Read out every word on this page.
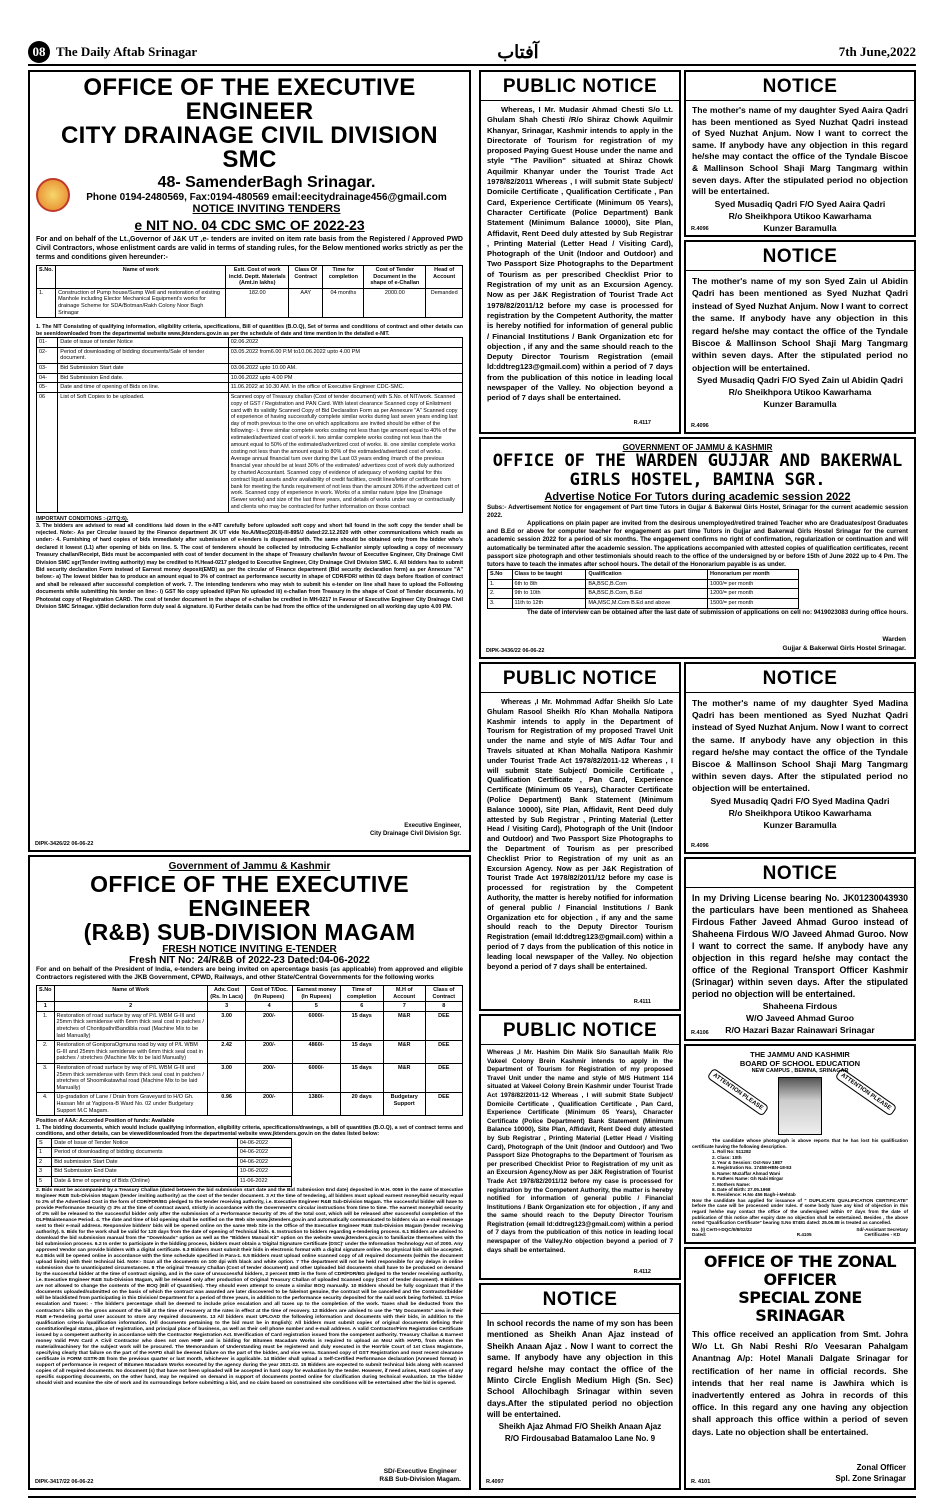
08 The Daily Aftab Srinagar	آفتاب	7th June,2022
OFFICE OF THE EXECUTIVE ENGINEER
CITY DRAINAGE CIVIL DIVISION SMC
48- SamenderBagh Srinagar.
Phone 0194-2480569, Fax:0194-480569 email:eecitydrainage456@gmail.com
NOTICE INVITING TENDERS
e NIT NO. 04 CDC SMC OF 2022-23
For and on behalf of the Lt.,Governor of J&K UT ,e- tenders are invited on item rate basis from the Registered / Approved PWD Civil Contractors, whose enlistment cards are valid in terms of standing rules, for the Below mentioned works strictly as per the terms and conditions given hereunder:-
S.No.	Name of work	Estt. Cost of work incld. Deptt. Materials (Amt.in lakhs)	Class Of Contract	Time for completion	Cost of Tender Document in the shape of e-Challan	Head of Account
1.	Construction of Pump house/Sump Well and restoration of existing Manhole including Elector Mechanical Equipment's works for drainage Scheme for SDA/Botman/Rakh Colony Noor Bagh Srinagar	182.00	AAY	04 months	2000.00	Demanded
1. The NIT Consisting of qualifying information, eligibility criteria, specifications, Bill of quantities (B.O.Q), Set of terms and conditions of contract and other details can be seen/downloaded from the departmental website www.jktenders.gov.in as per the schedule of date and time mention in the detailed e-NIT.
01-	Date of issue of tender Notice	02.06.2022
02-	Period of downloading of bidding documents/Sale of tender document.	03.05.2022 from6.00 P.M to10.06.2022 upto 4.00 PM
03-	Bid Submission Start date	03.06.2022 upto 10.00 AM.
04-	Bid Submission End date.	10.06.2022 upto 4.00 PM
05-	Date and time of opening of Bids on line.	11.06.2022 at 10.30 AM. In the office of Executive Engineer CDC-SMC.
06	List of Soft Copies to be uploaded.	Scanned copy of Treasury challan (Cost of tender document) with S.No. of NIT/work. Scanned copy of GST / Registration and PAN Card. With latest clearance Scanned copy of Enlistment card with its validity Scanned Copy of Bid Declaration Form as per Annexure "A" Scanned copy of experience of having successfully complete similar works during last seven years ending last day of moth previous to the one on which applications are invited should be either of the following:- i. three similar complete works costing not less than tge amount equal to 40% of the estimated/advertized cost of work ii. two similar complete works costing not less than the amount equal to 50% of the estimated/advertized cost of works. iii. one similar complete works costing not less than the amount equal to 80% of the estimated/advertized cost of works. Average annual financial turn over during the Last 03 years ending /march of the previous financial year should be at least 30% of the estimated/ advertizes cost of work duly authorized by charted Accountant. Scanned copy of evidence of adequacy of working capital for this contract liquid assets and/or availability of credit facilities, credit lines/letter of certificate from bank for meeting the funds requirement of not less than the amount 30% if the advertized cstt of work. Scanned copy of experience in work. Works of a similar nature /pipe line (Drainage /Sewer works) and size of the last three years, and details of works under way or contractually and clients who may be contracted for further information on those contract
IMPORTANT CONDITIONS :-(2/TQ:6).
3. The bidders are advised to read all conditions laid down in the e-NIT carefully before uploaded soft copy and short fall found in the soft copy the tender shall be rejected. Note:- As per Circular issued by the Finance department JK UT vide No.A/Misc(2018)-III-895/J dated:22.12.2020 with other communications which reads as under:- 4. Furnishing of hard copies of bids immediately after submission of e-tenders is dispensed with. The same should be obtained only from the bidder who's declared it lowest (L1) after opening of bids on line. 5. The cost of tenderers should be collected by introducing E-challan/or simply uploading a copy of necessary Treasury challan/Receipt, Bids must be accompanied with cost of tender document in the shape of Treasury challan/in favour of Executive Engineer, City Drainage Civil Division SMC sgr(Tender inviting authority) may be credited to H.Head-0217 pledged to Executive Engineer, City Drainage Civil Division SMC. 6. All bidders has to submit Bid security declaration Form instead of Earnest money deposit(EMD) as per the circular of Finance department (Bid security declaration form) as per Annexure "A" below:- a) The lowest bidder has to produce an amount equal to 3% of contract as performance security in shape of CDR/FDR/ within 02 days before fixation of contract and shall be released after successful completion of work. 7. The intending tenderers who may wish to submit his e-tender on line shall have to upload the Following documents while submitting his tender on line:- i) GST No copy uploaded ii)Pan No uploaded iii) e-challan from Treasury in the shape of Cost of Tender documents. iv) Photostat copy of Registration CARD. The cost of tender document in the shape of e-challan be credited in MH-0217 in Favour of Executive Engineer City Drainage Civil Division SMC Srinagar. v)Bid declaration form duly seal & signature. ii) Further details can be had from the office of the undersigned on all working day upto 4.00 PM.
Executive Engineer,
City Drainage Civil Division Sgr.
DIPK-3426/22 06-06-22
Government of Jammu & Kashmir
OFFICE OF THE EXECUTIVE ENGINEER
(R&B) SUB-DIVISION MAGAM
FRESH NOTICE INVITING E-TENDER
Fresh NIT No: 24/R&B of 2022-23 Dated:04-06-2022
For and on behalf of the President of India, e-tenders are being invited on apercentage basis (as applicable) from approved and eligible Contractors registered with the JKB Government, CPWD, Railways, and other State/Central Governments for the following works
S.No	Name of Work	Adv. Cost (Rs. In Lacs)	Cost of T/Doc. (In Rupees)	Earnest money (In Rupees)	Time of completion	M.H of Account	Class of Contract
1	2	3	4	5	6	7	8
1.	Restoration of road surface by way of P/L WBM G-III and 25mm thick semidense with 6mm thick seal coat in patches / stretches of ChontipathriBandibla road (Machine Mix to be laid Manually)	3.00	200/-	6000/-	15 days	M&R	DEE
2.	Restoration of GoniporaOgmuna road by way of P/L WBM G-III and 25mm thick semidense with 6mm thick seal coat in patches / stretches (Machine Mix to be laid Manually)	2.42	200/-	4860/-	15 days	M&R	DEE
3.	Restoration of road surface by way of P/L WBM G-III and 25mm thick semidense with 6mm thick seal coat in patches / stretches of Shoomikatawhal road (Machine Mix to be laid Manually)	3.00	200/-	6000/-	15 days	M&R	DEE
4.	Up-gradation of Lane / Drain from Graveyard to H/O Gh. Hassan Mir at Yagipora-B Ward No. 02 under Budgetary Support M.C Magam.	0.96	200/-	1380/-	20 days	Budgetary Support	DEE
Position of AAA: Accorded Position of funds: Available
1. The bidding documents, which would include qualifying information, eligibility criteria, specifications/drawings, a bill of quantities (B.O.Q), a set of contract terms and conditions, and other details, can be viewed/downloaded from the departmental website www.jktenders.gov.in on the dates listed below:
S	Date of Issue of Tender Notice	04-06-2022
1	Period of downloading of bidding documents	04-06-2022
2	Bid submission Start Date	04-06-2022
3	Bid Submission End Date	10-06-2022
5	Date & time of opening of Bids (Online)	11-06-2022
2. Bids must be accompanied by a Treasury Challan (dated between the bid submission start date and the Bid Submission End date) deposited in M.H. 0059 in the name of Executive Engineer R&B Sub-Division Magam (tender inviting authority) as the cost of the tender document. 3 At the time of tendering, all bidders must upload earnest money/bid security equal to 2% of the Advertised Cost in the form of CDR/FDR/BG pledged to the tender receiving authority, i.e. Executive Engineer R&B Sub-Division Magam. The successful bidder will have to provide Performance Security @ 3% at the time of contract award, strictly in accordance with the Government's circular instructions from time to time. The earnest money/bid security of 2% will be released to the successful bidder only after the submission of a Performance Security of 3% of the total cost, which will be released after successful completion of the DLP/Maintenance Period. 4. The date and time of bid opening shall be notified on the Web site www.jktenders.gov.in and automatically communicated to bidders via an e-mail message sent to their e-mail address. Responsive bidders' bids will be opened online on the same Web Site in the Office of the Executive Engineer R&B Sub-Division Magam (tender receiving authority). 5. Bids for the work shall be valid for 120 days from the date of opening of Technical bids. 6. Instruction to bidders regarding e-tendering process. 6.1 Bidders are advised to download the bid submission manual from the "Downloads" option as well as the "Bidders Manual Kit" option on the website www.jktenders.gov.in to familiarize themselves with the bid submission process. 6.2 In order to participate in the bidding process, bidders must obtain a 'Digital Signature Certificate (DSC)' under the Information Technology Act of 2000. Any approved Vendor can provide bidders with a digital certificate. 6.3 Bidders must submit their bids in electronic format with a digital signature online. No physical bids will be accepted. 6.4 Bids will be opened online in accordance with the time schedule specified in Para-1. 6.5 Bidders must upload online scanned copy of all required documents (within the document upload limits) with their technical bid. Note:- Scan all the documents on 100 dpi with black and white option. 7 The department will not be held responsible for any delays in online submission due to unanticipated circumstances. 8 The original Treasury Challan (Cost of tender document) and other Uploaded bid documents shall have to be produced on demand by the successful bidder at the time of contract signing, and in the case of unsuccessful bidders, 2 percent EMD in the form of CDR/FDR/BG pledged to the tender receiving authority, i.e. Executive Engineer R&B Sub-Division Magam, will be released only after production of Original Treasury Challan of uploaded Scanned copy (Cost of tender document). 9 Bidders are not allowed to change the contents of the BOQ (Bill of Quantities). They should even attempt to create a similar BOQ manually. 10 Bidders should be fully cognizant that if the documents uploaded/submitted on the basis of which the contract was awarded are later discovered to be fake/not genuine, the contract will be cancelled and the Contractor/bidder will be blacklisted from participating in this Division/ Department for a period of three years, in addition to the performance security deposited for the said work being forfeited. 11 Price escalation and Taxes: - The bidder's percentage shall be deemed to include price escalation and all taxes up to the completion of the work. Taxes shall be deducted from the contractor's bills on the gross amount of the bill at the time of recovery at the rates in effect at the time of recovery. 12 Bidders are advised to use the "My Documents" area in their R&B e-Tendering portal user account to store any required documents. 13 All bidders must UPLOAD the following information and documents with their bids, in addition to the qualification criteria /qualification information. (All documents pertaining to the bid must be in English): All bidders must submit copies of original documents defining their constitution/legal status, place of registration, and principal place of business, as well as their cell phone number and e-mail address. A valid Contractor/Firm Registration Certificate issued by a competent authority in accordance with the Contractor Registration Act. Everification of Card registration issued from the competent authority. Treasury Challan & Earnest money Valid PAN Card A Civil Contractor who does not own HMP and is bidding for Bitumen Macadam Works is required to upload an MoU with HAPD, from whom the material/machinery for the subject work will be procured. The Memorandum of Understanding must be registered and duly executed in the Hon'ble Court of 1st Class Magistrate, specifying clearly that failure on the part of the HAPD shall be deemed failure on the part of the bidder, and vice versa. Scanned copy of GST Registration and most recent clearance certificate in FORM GSTR-3B from the previous quarter or last month, whichever is applicable. 14 Bidder shall upload a Self-Certified Performance declaration (Annexed format) in support of performance in respect of Bitumen Macadam Works executed by the agency during the year 2021-22. 15 Bidders are expected to submit technical bids along with scanned copies of all required documents. No document (s) that have not been uploaded will be accepted in hard copy for evaluation by the tender. However, if need arises, Hard copies of any specific supporting documents, on the other hand, may be required on demand in support of documents posted online for clarification during technical evaluation. 16 The bidder should visit and examine the site of work and its surroundings before submitting a bid, and no claim based on constrained site conditions will be entertained after the bid is opened.
SD/-Executive Engineer
R&B Sub-Division Magam.
DIPK-3417/22 06-06-22
PUBLIC NOTICE
Whereas, I Mr. Mudasir Ahmad Chesti S/o Lt. Ghulam Shah Chesti /R/o Shiraz Chowk Aquilmir Khanyar, Srinagar, Kashmir intends to apply in the Directorate of Tourism for registration of my proposed Paying Guest House under the name and style "The Pavilion" situated at Shiraz Chowk Aquilmir Khanyar under the Tourist Trade Act 1978/82/2011 Whereas , I will submit State Subject/ Domicile Certificate , Qualification Certificate , Pan Card, Experience Certificate (Minimum 05 Years), Character Certificate (Police Department) Bank Statement (Minimum Balance 10000), Site Plan, Affidavit, Rent Deed duly attested by Sub Registrar , Printing Material (Letter Head / Visiting Card), Photograph of the Unit (Indoor and Outdoor) and Two Passport Size Photographs to the Department of Tourism as per prescribed Checklist Prior to Registration of my unit as an Excursion Agency. Now as per J&K Registration of Tourist Trade Act 1978/82/2011/12 before my case is processed for registration by the Competent Authority, the matter is hereby notified for information of general public / Financial Institutions / Bank Organization etc for objection , if any and the same should reach to the Deputy Director Tourism Registration (email ld:ddtreg123@gmail.com) within a period of 7 days from the publication of this notice in leading local newspaper of the Valley. No objection beyond a period of 7 days shall be entertained.
R.4117
NOTICE
The mother's name of my daughter Syed Aaira Qadri has been mentioned as Syed Nuzhat Qadri instead of Syed Nuzhat Anjum. Now I want to correct the same. If anybody have any objection in this regard he/she may contact the office of the Tyndale Biscoe & Mallinson School Shaji Marg Tangmarg within seven days. After the stipulated period no objection will be entertained.
Syed Musadiq Qadri F/O Syed Aaira Qadri
R/o Sheikhpora Utikoo Kawarhama
Kunzer Baramulla
R.4096
NOTICE
The mother's name of my son Syed Zain ul Abidin Qadri has been mentioned as Syed Nuzhat Qadri instead of Syed Nuzhat Anjum. Now I want to correct the same. If anybody have any objection in this regard he/she may contact the office of the Tyndale Biscoe & Mallinson School Shaji Marg Tangmarg within seven days. After the stipulated period no objection will be entertained.
Syed Musadiq Qadri F/O Syed Zain ul Abidin Qadri
R/o Sheikhpora Utikoo Kawarhama
Kunzer Baramulla
R.4096
GOVERNMENT OF JAMMU & KASHMIR
OFFICE OF THE WARDEN GUJJAR AND BAKERWAL
GIRLS HOSTEL, BAMINA SGR.
Advertise Notice For Tutors during academic session 2022
Subs:- Advertisement Notice for engagement of Part time Tutors in Gujjar & Bakerwal Girls Hostel, Srinagar for the current academic session 2022.
Applications on plain paper are invited from the desirous unemployed/retired trained Teacher who are Graduates/post Graduates and B.Ed or above for computer teacher for engagement as part time Tutors in Gujjar and Bakerwal Girls Hostel Srinagar for the current academic session 2022 for a period of six months. The engagement confirms no right of confirmation, regularization or continuation and will automatically be terminated after the academic session. The applications accompanied with attested copies of qualification certificates, recent passport size photograph and other testimonials should reach to the office of the undersigned by or before 15th of June 2022 up to 4 Pm. The tutors have to teach the inmates after school hours. The detail of the Honorarium payable is as under.
S.No	Class to be taught	Qualification	Honorarium per month
1.	6th to 8th	BA,BSC,B.Com	1000/= per month
2.	9th to 10th	BA,BSC,B.Com, B.Ed	1200/= per month
3.	11th to 12th	MA,MSC,M.Com B.Ed and above	1500/= per month
The date of interview can be obtained after the last date of submission of applications on cell no: 9419023083 during office hours.
Warden
Gujjar & Bakerwal Girls Hostel Srinagar.
DIPK-3436/22 06-06-22
PUBLIC NOTICE
Whereas ,I Mr. Mohmmad Adfar Sheikh S/o Late Ghulam Rasool Sheikh R/o Khan Mohalla Natipora Kashmir intends to apply in the Department of Tourism for Registration of my proposed Travel Unit under the name and style of M/S Adfar Tour and Travels situated at Khan Mohalla Natipora Kashmir under Tourist Trade Act 1978/82/2011-12 Whereas , I will submit State Subject/ Domicile Certificate , Qualification Certificate , Pan Card, Experience Certificate (Minimum 05 Years), Character Certificate (Police Department) Bank Statement (Minimum Balance 10000), Site Plan, Affidavit, Rent Deed duly attested by Sub Registrar , Printing Material (Letter Head / Visiting Card), Photograph of the Unit (Indoor and Outdoor) and Two Passport Size Photographs to the Department of Tourism as per prescribed Checklist Prior to Registration of my unit as an Excursion Agency. Now as per J&K Registration of Tourist Trade Act 1978/82/2011/12 before my case is processed for registration by the Competent Authority, the matter is hereby notified for information of general public / Financial Institutions / Bank Organization etc for objection , if any and the same should reach to the Deputy Director Tourism Registration (email Id:ddtreg123@gmail.com) within a period of 7 days from the publication of this notice in leading local newspaper of the Valley. No objection beyond a period of 7 days shall be entertained.
R.4111
NOTICE
The mother's name of my daughter Syed Madina Qadri has been mentioned as Syed Nuzhat Qadri instead of Syed Nuzhat Anjum. Now I want to correct the same. If anybody have any objection in this regard he/she may contact the office of the Tyndale Biscoe & Mallinson School Shaji Marg Tangmarg within seven days. After the stipulated period no objection will be entertained.
Syed Musadiq Qadri F/O Syed Madina Qadri
R/o Sheikhpora Utikoo Kawarhama
Kunzer Baramulla
R.4096
NOTICE
In my Driving License bearing No. JK01230043930 the particulars have been mentioned as Shaheea Firdous Father Javeed Ahmad Guroo instead of Shaheena Firdous W/O Javeed Ahmad Guroo. Now I want to correct the same. If anybody have any objection in this regard he/she may contact the office of the Regional Transport Officer Kashmir (Srinagar) within seven days. After the stipulated period no objection will be entertained.
Shaheena Firdous
W/O Javeed Ahmad Guroo
R/O Hazari Bazar Rainawari Srinagar
R.4106
PUBLIC NOTICE
Whereas ,I Mr. Hashim Din Malik S/o Sanaullah Malik R/o Vakeel Colony Brein Kashmir intends to apply in the Department of Tourism for Registration of my proposed Travel Unit under the name and style of M/S Hutment 114 situated at Vakeel Colony Brein Kashmir under Tourist Trade Act 1978/82/2011-12 Whereas , I will submit State Subject/ Domicile Certificate , Qualification Certificate , Pan Card, Experience Certificate (Minimum 05 Years), Character Certificate (Police Department) Bank Statement (Minimum Balance 10000), Site Plan, Affidavit, Rent Deed duly attested by Sub Registrar , Printing Material (Letter Head / Visiting Card), Photograph of the Unit (Indoor and Outdoor) and Two Passport Size Photographs to the Department of Tourism as per prescribed Checklist Prior to Registration of my unit as an Excursion Agency.Now as per J&K Registration of Tourist Trade Act 1978/82/2011/12 before my case is processed for registration by the Competent Authority, the matter is hereby notified for information of general public / Financial Institutions / Bank Organization etc for objection , if any and the same should reach to the Deputy Director Tourism Registration (email ld:ddtreg123@gmail.com) within a period of 7 days from the publication of this notice in leading local newspaper of the Valley.No objection beyond a period of 7 days shall be entertained.
R.4112
THE JAMMU AND KASHMIR
BOARD OF SCHOOL EDUCATION
NEW CAMPUS , BEMINA, SRINAGAR
ATTENTION PLEASE	ATTENTION PLEASE
The candidate whose photograph is above reports that he has lost his qualification certificate having the following description.
1. Roll No: 511282
2. Class: 10th
3. Year & Session: Oct-Nov 1987
4. Registration No. 17458-HBN-18-83
5. Name: Muzaffar Ahmad Wani
6. Fathers Name: Gh Nabi Mirgar
7. Mothers Name:
8. Date of Birth: 27.05.1968
9. Residence: H.No 456 Bagh-i-Mehtab
Now the candidate has applied for issuance of " DUPLICATE QUALIFICATION CERTIFICATE" before the case will be processed under rules. If some body have any kind of objection in this regard he/she may contact the office of the undersigned within 07 days from the date of publication of this notice after expiry date no objection shall be entertained. Besides , the above noted "Qualification Certificate" bearing S.No 87481 dated: 25.06.88 is treated as cancelled.
No. (I) Certt-I-DQC/II/8/02/22
Dated:	R.4105
Sd/-Assistant Secretary
Certificates - KD
OFFICE OF THE ZONAL OFFICER
SPECIAL ZONE SRINAGAR
This office received an application from Smt. Johra W/o Lt. Gh Nabi Reshi R/o Veesaran Pahalgam Anantnag A/p: Hotel Manali Dalgate Srinagar for rectification of her name in official records. She intends that her real name is Jawhira which is inadvertently entered as Johra in records of this office. In this regard any one having any objection shall approach this office within a period of seven days. Late no objection shall be entertained.
Zonal Officer
Spl. Zone Srinagar
R. 4101
NOTICE
In school records the name of my son has been mentioned as Sheikh Anan Ajaz instead of Sheikh Anaan Ajaz . Now I want to correct the same. If anybody have any objection in this regard he/she may contact the office of the Minto Circle English Medium High (Sn. Sec) School Allochibagh Srinagar within seven days.After the stipulated period no objection will be entertained.
Sheikh Ajaz Ahmad F/O Sheikh Anaan Ajaz
R/O Firdousabad Batamaloo Lane No. 9
R.4097
